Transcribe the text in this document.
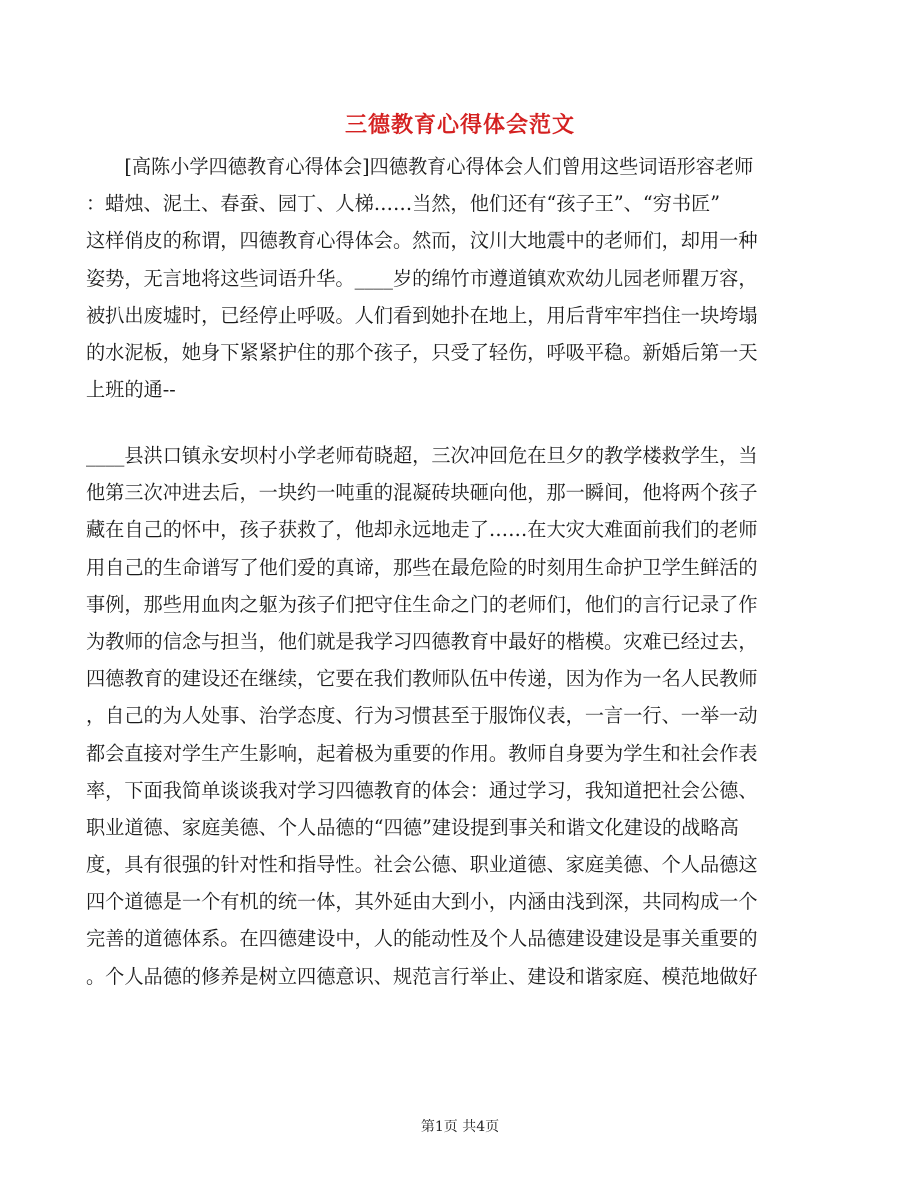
三德教育心得体会范文
　　[高陈小学四德教育心得体会]四德教育心得体会人们曾用这些词语形容老师
：蜡烛、泥土、春蚕、园丁、人梯……当然，他们还有“孩子王”、“穷书匠”
这样俏皮的称谓，四德教育心得体会。然而，汶川大地震中的老师们，却用一种
姿势，无言地将这些词语升华。____岁的绵竹市遵道镇欢欢幼儿园老师瞿万容，
被扒出废墟时，已经停止呼吸。人们看到她扑在地上，用后背牢牢挡住一块垮塌
的水泥板，她身下紧紧护住的那个孩子，只受了轻伤，呼吸平稳。新婚后第一天
上班的通--
____县洪口镇永安坝村小学老师荀晓超，三次冲回危在旦夕的教学楼救学生，当
他第三次冲进去后，一块约一吨重的混凝砖块砸向他，那一瞬间，他将两个孩子
藏在自己的怀中，孩子获救了，他却永远地走了……在大灾大难面前我们的老师
用自己的生命谱写了他们爱的真谛，那些在最危险的时刻用生命护卫学生鲜活的
事例，那些用血肉之躯为孩子们把守住生命之门的老师们，他们的言行记录了作
为教师的信念与担当，他们就是我学习四德教育中最好的楷模。灾难已经过去，
四德教育的建设还在继续，它要在我们教师队伍中传递，因为作为一名人民教师
，自己的为人处事、治学态度、行为习惯甚至于服饰仪表，一言一行、一举一动
都会直接对学生产生影响，起着极为重要的作用。教师自身要为学生和社会作表
率，下面我简单谈谈我对学习四德教育的体会：通过学习，我知道把社会公德、
职业道德、家庭美德、个人品德的“四德”建设提到事关和谐文化建设的战略高
度，具有很强的针对性和指导性。社会公德、职业道德、家庭美德、个人品德这
四个道德是一个有机的统一体，其外延由大到小，内涵由浅到深，共同构成一个
完善的道德体系。在四德建设中，人的能动性及个人品德建设建设是事关重要的
。个人品德的修养是树立四德意识、规范言行举止、建设和谐家庭、模范地做好
第1页 共4页
